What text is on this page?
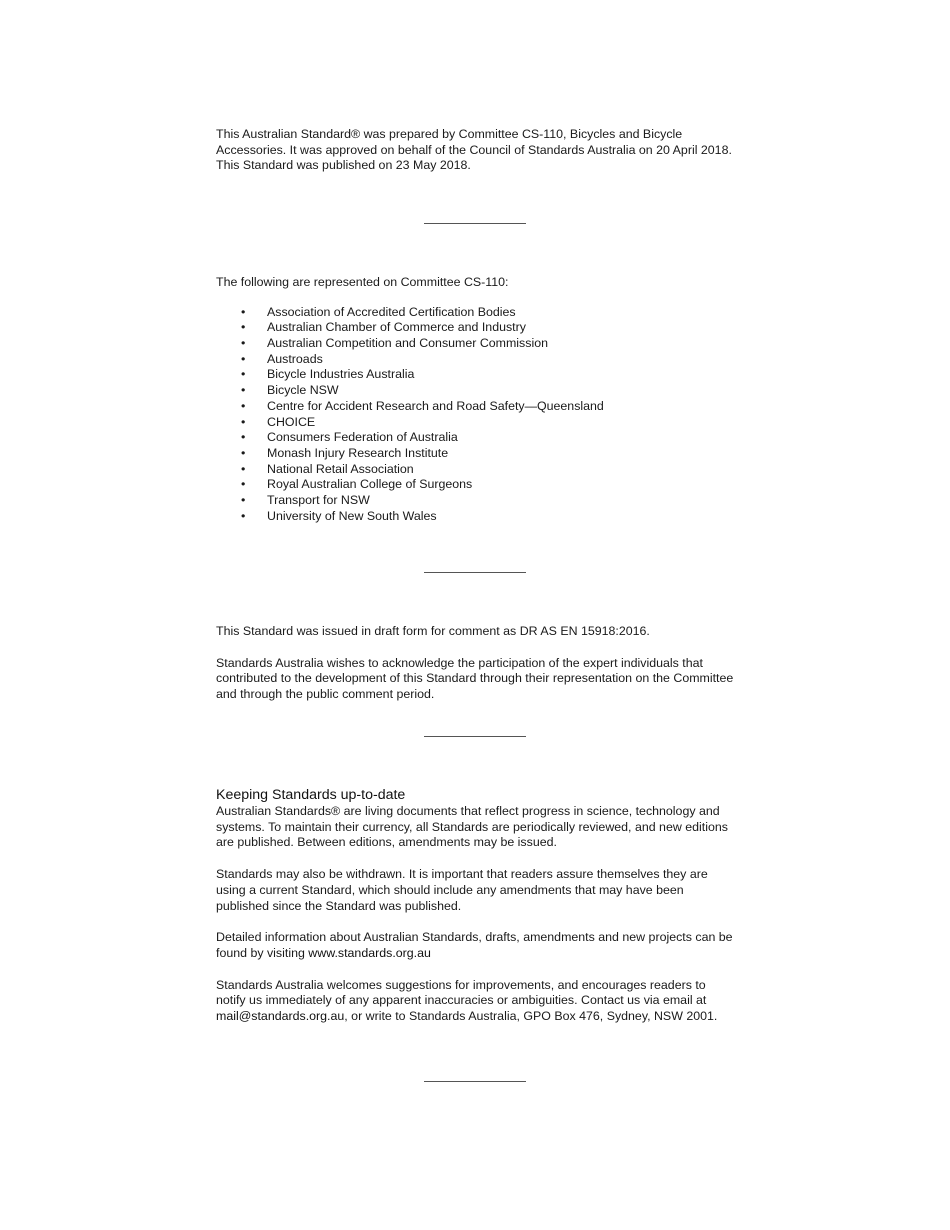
This Australian Standard® was prepared by Committee CS-110, Bicycles and Bicycle Accessories. It was approved on behalf of the Council of Standards Australia on 20 April 2018.

This Standard was published on 23 May 2018.

The following are represented on Committee CS-110:

• Association of Accredited Certification Bodies
• Australian Chamber of Commerce and Industry
• Australian Competition and Consumer Commission
• Austroads
• Bicycle Industries Australia
• Bicycle NSW
• Centre for Accident Research and Road Safety—Queensland
• CHOICE
• Consumers Federation of Australia
• Monash Injury Research Institute
• National Retail Association
• Royal Australian College of Surgeons
• Transport for NSW
• University of New South Wales

This Standard was issued in draft form for comment as DR AS EN 15918:2016.

Standards Australia wishes to acknowledge the participation of the expert individuals that contributed to the development of this Standard through their representation on the Committee and through the public comment period.

Keeping Standards up-to-date

Australian Standards® are living documents that reflect progress in science, technology and systems. To maintain their currency, all Standards are periodically reviewed, and new editions are published. Between editions, amendments may be issued.

Standards may also be withdrawn. It is important that readers assure themselves they are using a current Standard, which should include any amendments that may have been published since the Standard was published.

Detailed information about Australian Standards, drafts, amendments and new projects can be found by visiting www.standards.org.au

Standards Australia welcomes suggestions for improvements, and encourages readers to notify us immediately of any apparent inaccuracies or ambiguities. Contact us via email at mail@standards.org.au, or write to Standards Australia, GPO Box 476, Sydney, NSW 2001.
